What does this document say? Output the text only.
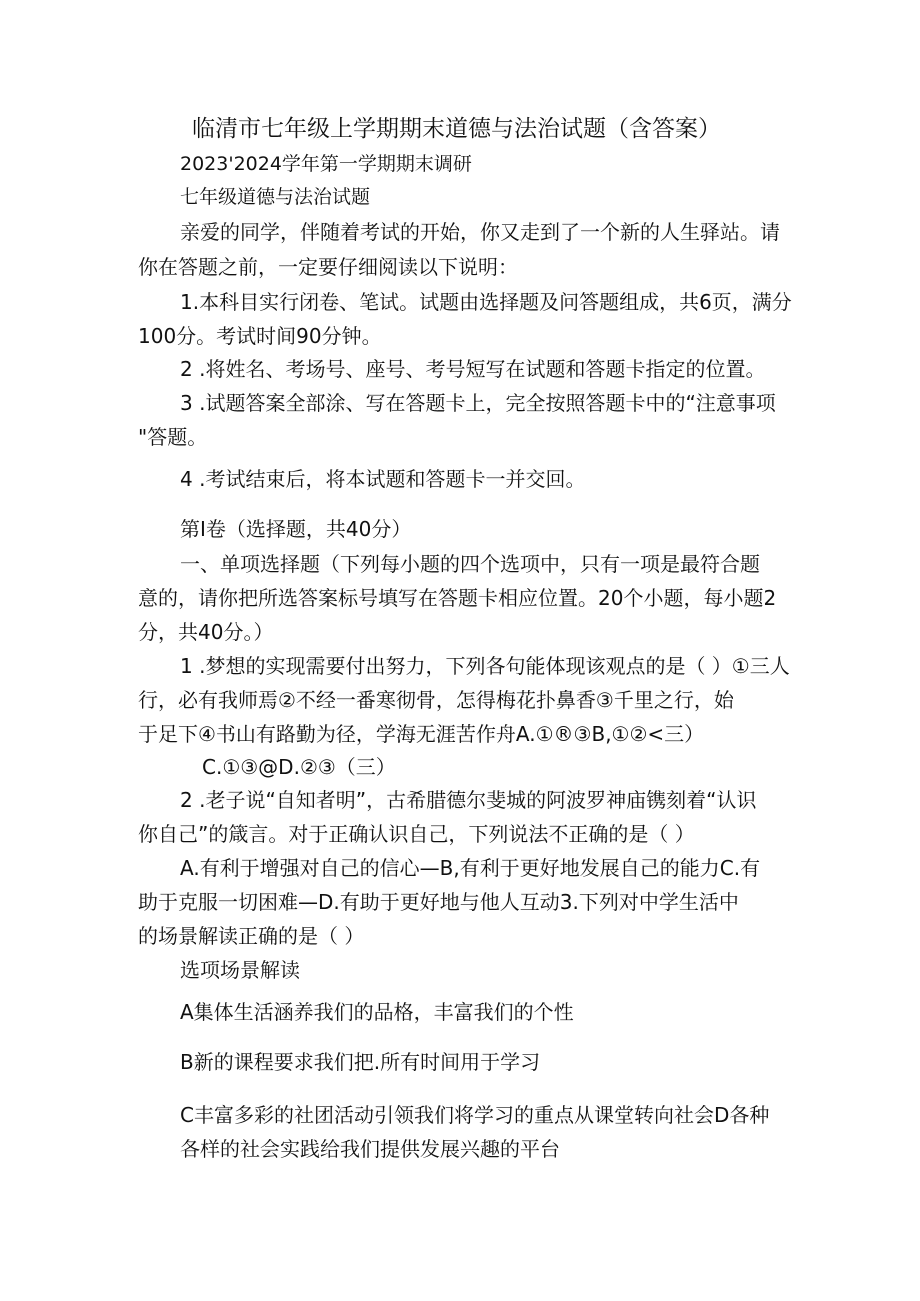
临清市七年级上学期期末道德与法治试题（含答案）

2023'2024学年第一学期期末调研

七年级道德与法治试题

亲爱的同学，伴随着考试的开始，你又走到了一个新的人生驿站。请

你在答题之前，一定要仔细阅读以下说明：

1.本科目实行闭卷、笔试。试题由选择题及问答题组成，共6页，满分

100分。考试时间90分钟。

2 .将姓名、考场号、座号、考号短写在试题和答题卡指定的位置。

3 .试题答案全部涂、写在答题卡上，完全按照答题卡中的“注意事项

"答题。

4 .考试结束后，将本试题和答题卡一并交回。

第I卷（选择题，共40分）

一、单项选择题（下列每小题的四个选项中，只有一项是最符合题

意的，请你把所选答案标号填写在答题卡相应位置。20个小题，每小题2

分，共40分。）

1 .梦想的实现需要付出努力，下列各句能体现该观点的是（ ）①三人

行，必有我师焉②不经一番寒彻骨，怎得梅花扑鼻香③千里之行，始

于足下④书山有路勤为径，学海无涯苦作舟A.①®③B,①②<三）

C.①③@D.②③（三）

2 .老子说“自知者明”，古希腊德尔斐城的阿波罗神庙镌刻着“认识

你自己”的箴言。对于正确认识自己，下列说法不正确的是（ ）

A.有利于增强对自己的信心—B,有利于更好地发展自己的能力C.有

助于克服一切困难—D.有助于更好地与他人互动3.下列对中学生活中

的场景解读正确的是（ ）

选项场景解读

A集体生活涵养我们的品格，丰富我们的个性

B新的课程要求我们把.所有时间用于学习

C丰富多彩的社团活动引领我们将学习的重点从课堂转向社会D各种

各样的社会实践给我们提供发展兴趣的平台
